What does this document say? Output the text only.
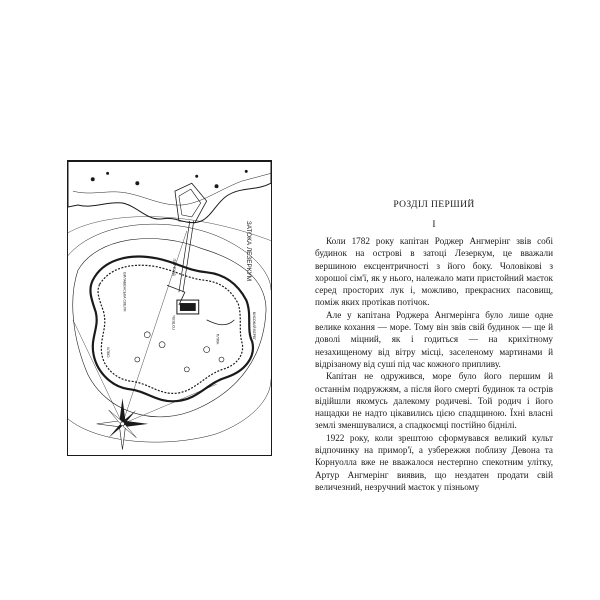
ЗАТОКА ЛЕЗЕРКУМ
ВИЛАБЕНСЬКА СКЕЛЯ
ПЕРЕХІД
ГОТЕЛЬ	ВИСОКИЙ БЕРЕГ
ПЛЯЖ
СКЕЛІ
РОЗДІЛ ПЕРШИЙ
I

Коли 1782 року капітан Роджер Ангмерінг звів собі будинок на острові в затоці Лезеркум, це вважали вершиною ексцентричності з його боку. Чоловікові з хорошої сім'ї, як у нього, належало мати пристойний маєток серед просторих лук і, можливо, прекрасних пасовищ, поміж яких протікав потічок.

Але у капітана Роджера Ангмерінга було лише одне велике кохання — море. Тому він звів свій будинок — ще й доволі міцний, як і годиться — на крихітному незахищеному від вітру місці, заселеному мартинами й відрізаному від суші під час кожного припливу.

Капітан не одружився, море було його першим й останнім подружжям, а після його смерті будинок та острів відійшли якомусь далекому родичеві. Той родич і його нащадки не надто цікавились цією спадщиною. Їхні власні землі зменшувалися, а спадкоємці постійно біднілі.

1922 року, коли зрештою сформувався великий культ відпочинку на примор'ї, а узбережжя поблизу Девона та Корнуолла вже не вважалося нестерпно спекотним улітку, Артур Ангмерінг виявив, що нездатен продати свій величезний, незручний маєток у пізньому
